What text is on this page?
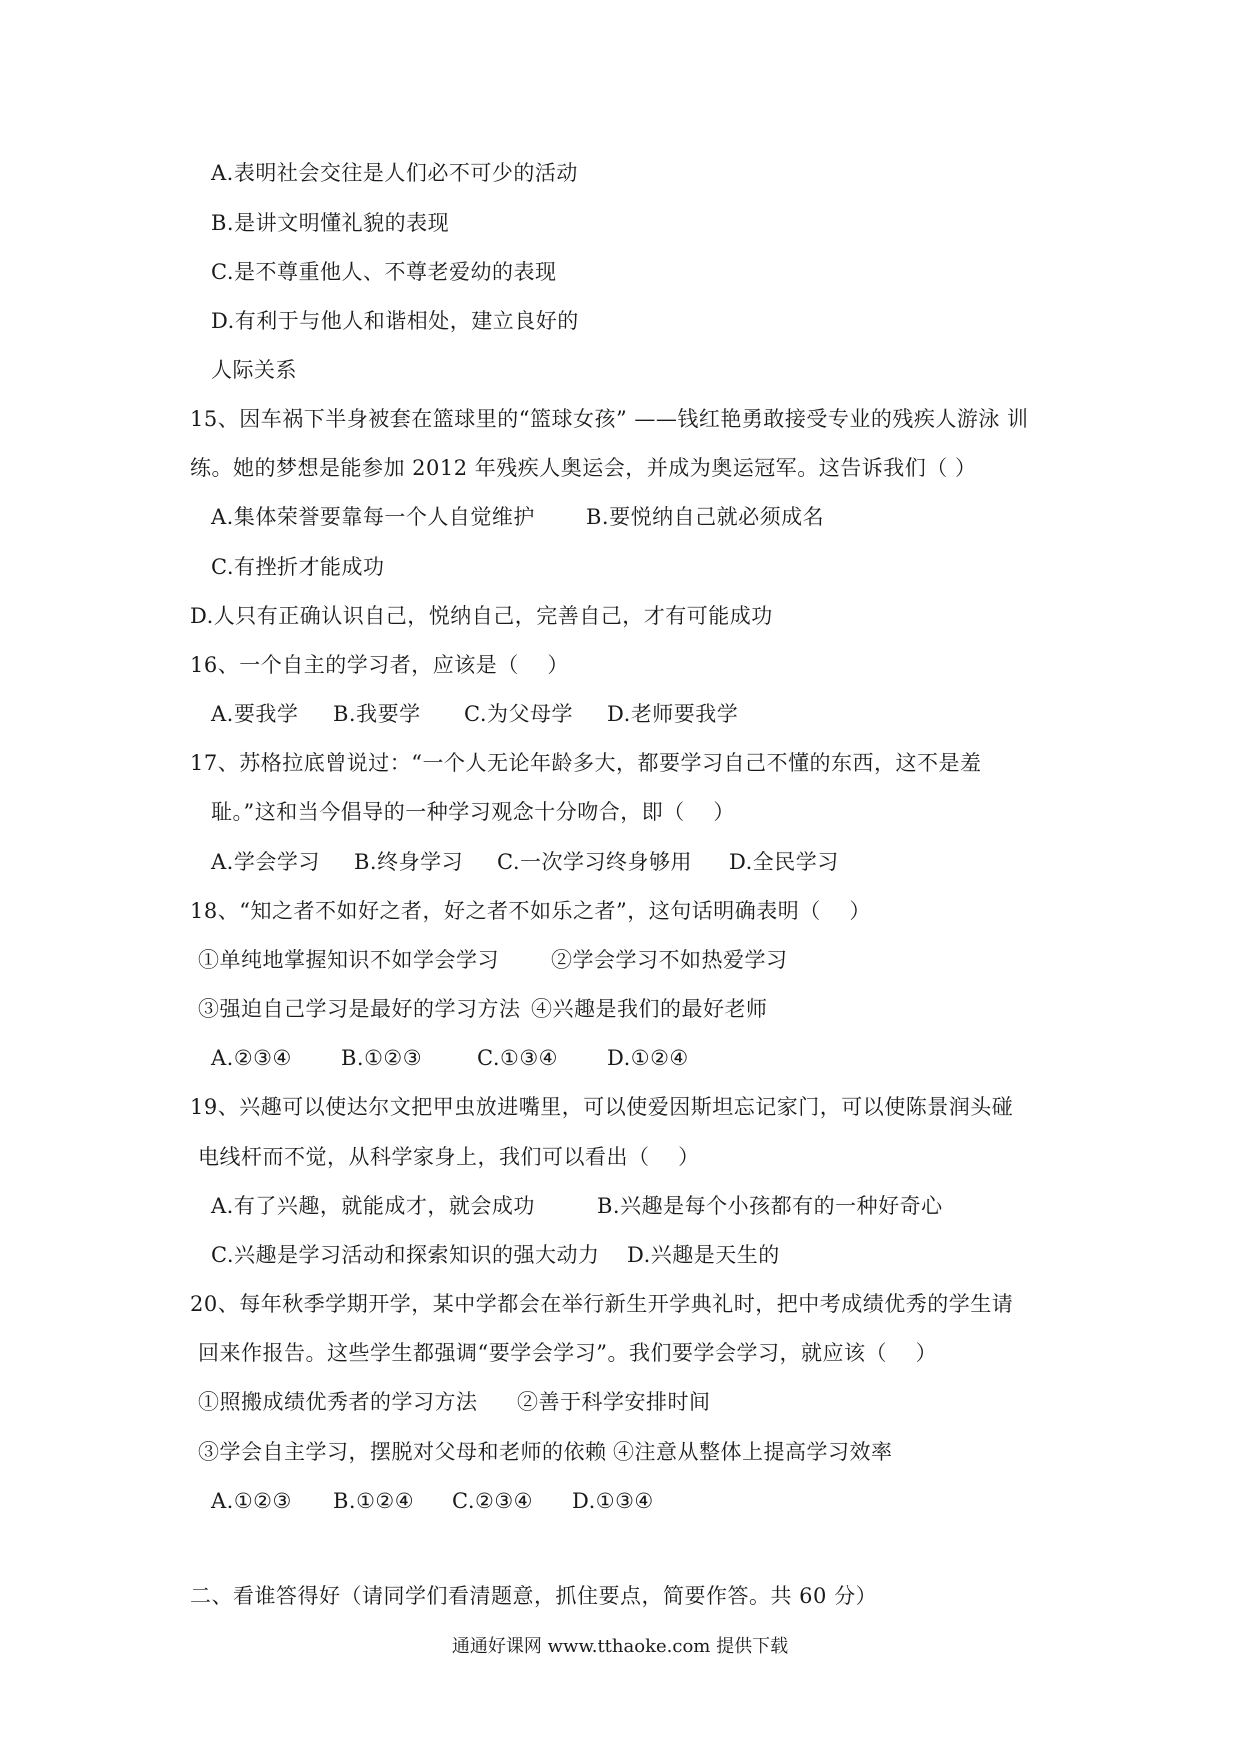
A.表明社会交往是人们必不可少的活动
B.是讲文明懂礼貌的表现
C.是不尊重他人、不尊老爱幼的表现
D.有利于与他人和谐相处，建立良好的
人际关系
15、因车祸下半身被套在篮球里的“篮球女孩” ——钱红艳勇敢接受专业的残疾人游泳 训
练。她的梦想是能参加 2012 年残疾人奥运会，并成为奥运冠军。这告诉我们（ ）
A.集体荣誉要靠每一个人自觉维护 B.要悦纳自己就必须成名
C.有挫折才能成功
D.人只有正确认识自己，悦纳自己，完善自己，才有可能成功
16、一个自主的学习者，应该是（　 ）
A.要我学 B.我要学 C.为父母学 D.老师要我学
17、苏格拉底曾说过：“一个人无论年龄多大，都要学习自己不懂的东西，这不是羞
耻。”这和当今倡导的一种学习观念十分吻合，即（　 ）
A.学会学习 B.终身学习 C.一次学习终身够用 D.全民学习
18、“知之者不如好之者，好之者不如乐之者”，这句话明确表明（　 ）
①单纯地掌握知识不如学会学习 ②学会学习不如热爱学习
③强迫自己学习是最好的学习方法 ④兴趣是我们的最好老师
A.②③④ B.①②③	C.①③④ D.①②④
19、兴趣可以使达尔文把甲虫放进嘴里，可以使爱因斯坦忘记家门，可以使陈景润头碰
电线杆而不觉，从科学家身上，我们可以看出（　 ）
A.有了兴趣，就能成才，就会成功	B.兴趣是每个小孩都有的一种好奇心
C.兴趣是学习活动和探索知识的强大动力 D.兴趣是天生的
20、每年秋季学期开学，某中学都会在举行新生开学典礼时，把中考成绩优秀的学生请
回来作报告。这些学生都强调“要学会学习”。我们要学会学习，就应该（　 ）
①照搬成绩优秀者的学习方法 ②善于科学安排时间
③学会自主学习，摆脱对父母和老师的依赖 ④注意从整体上提高学习效率
A.①②③ B.①②④ C.②③④ D.①③④
二、看谁答得好（请同学们看清题意，抓住要点，简要作答。共 60 分）
通通好课网 www.tthaoke.com 提供下载
